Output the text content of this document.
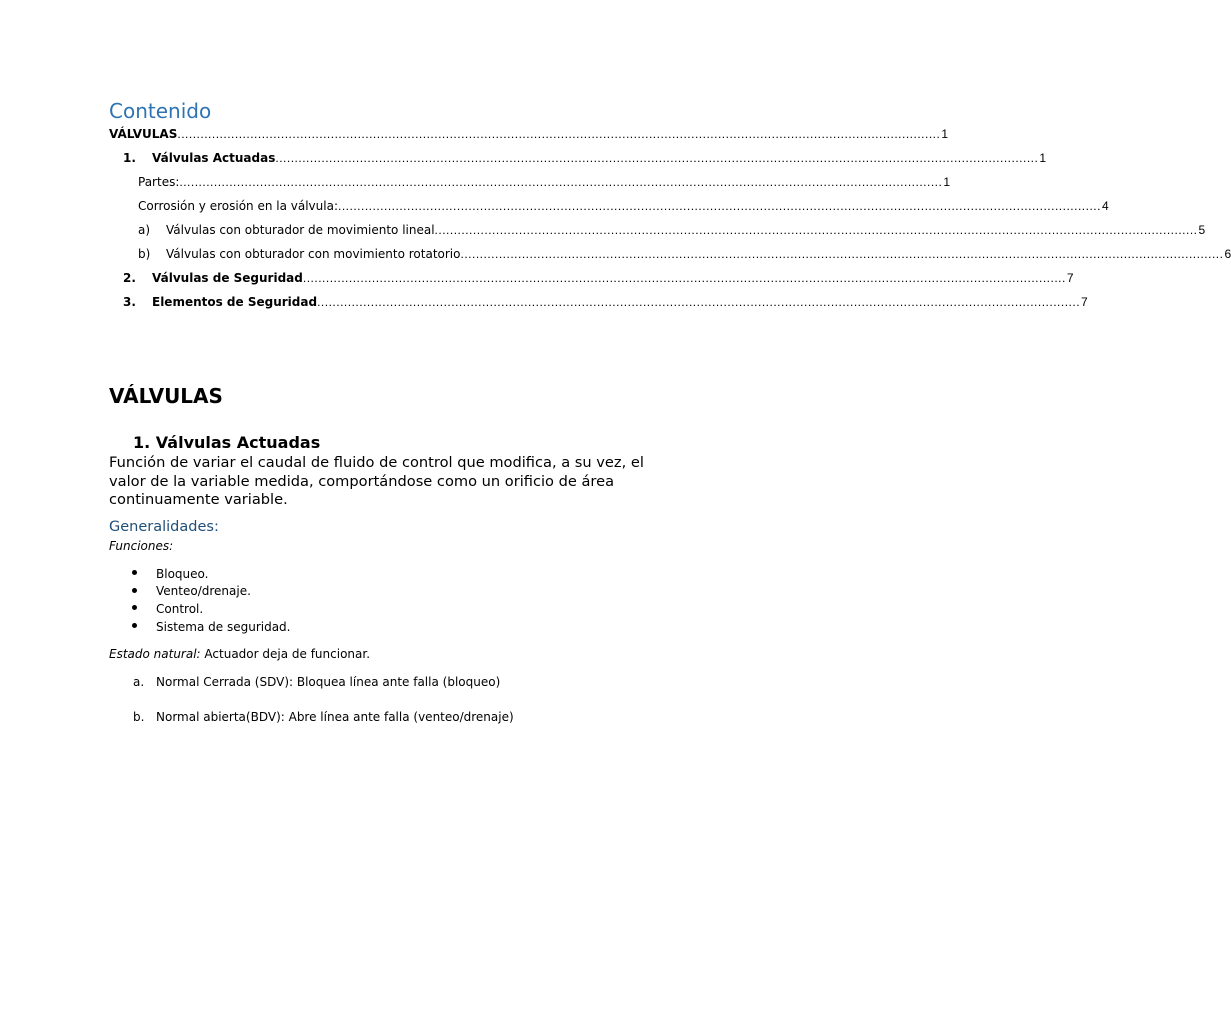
Contenido
VÁLVULAS ....................................................................................................................................................................................................... 1
1.	Válvulas Actuadas ....................................................................................................................................................................................................... 1
Partes: ....................................................................................................................................................................................................... 1
Corrosión y erosión en la válvula: ....................................................................................................................................................................................................... 4
a)	Válvulas con obturador de movimiento lineal ....................................................................................................................................................................................................... 5
b)	Válvulas con obturador con movimiento rotatorio ....................................................................................................................................................................................................... 6
2.	Válvulas de Seguridad ....................................................................................................................................................................................................... 7
3.	Elementos de Seguridad ....................................................................................................................................................................................................... 7
VÁLVULAS
1. Válvulas Actuadas

Función de variar el caudal de fluido de control que modifica, a su vez, el valor de la variable medida, comportándose como un orificio de área continuamente variable.

Generalidades:

Funciones:

Bloqueo.
Venteo/drenaje.
Control.
Sistema de seguridad.

Estado natural: Actuador deja de funcionar.

a. Normal Cerrada (SDV): Bloquea línea ante falla (bloqueo)
b. Normal abierta(BDV): Abre línea ante falla (venteo/drenaje)
